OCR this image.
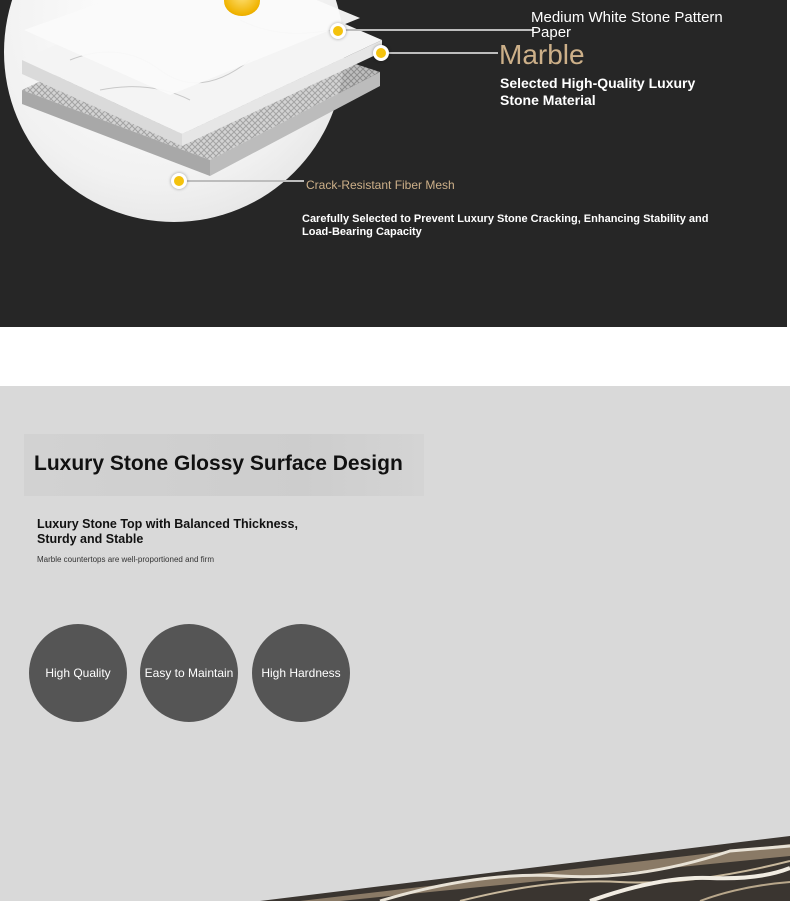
Medium White Stone Pattern Paper
Marble
Selected High-Quality Luxury Stone Material
Crack-Resistant Fiber Mesh
Carefully Selected to Prevent Luxury Stone Cracking, Enhancing Stability and Load-Bearing Capacity
Luxury Stone Glossy Surface Design
Luxury Stone Top with Balanced Thickness, Sturdy and Stable
Marble countertops are well-proportioned and firm
High Quality	Easy to Maintain High Hardness
